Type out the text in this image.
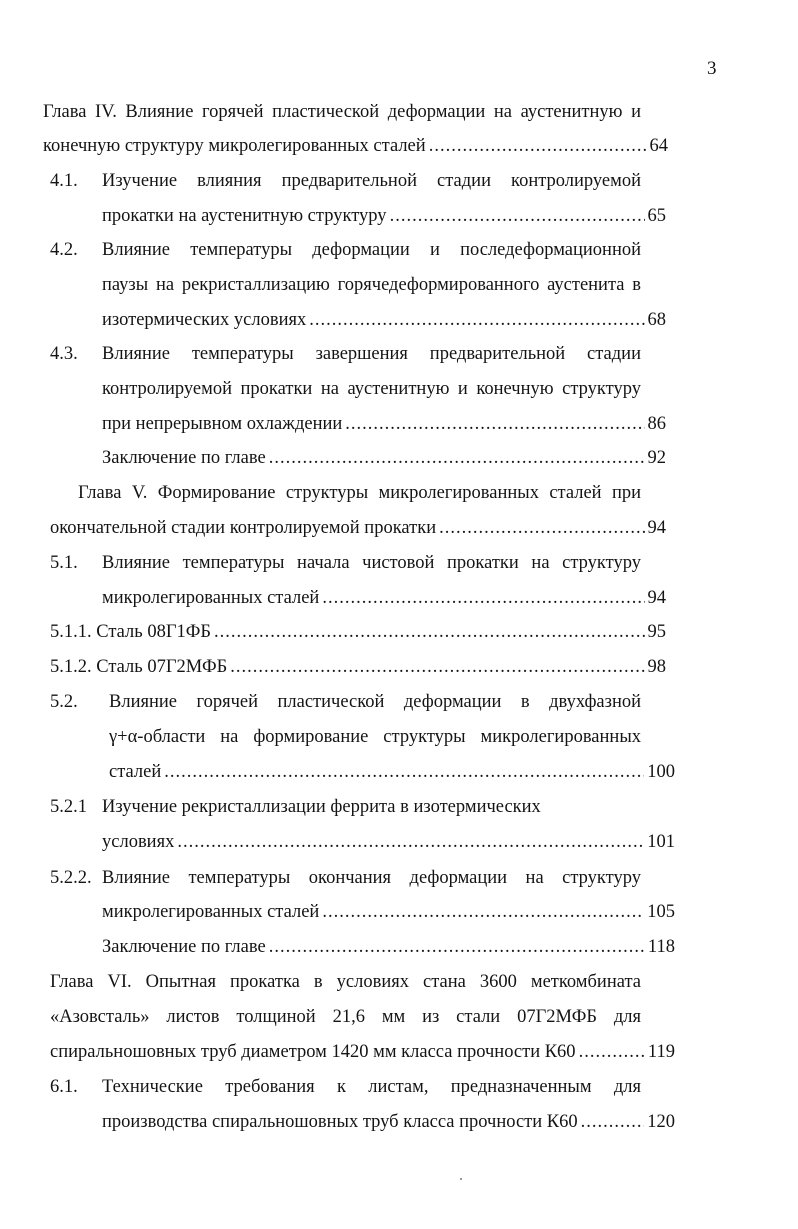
3
Глава IV. Влияние горячей пластической деформации на аустенитную и
конечную структуру микролегированных сталей .....	64
4.1. Изучение влияния предварительной стадии контролируемой
прокатки на аустенитную структуру .....	65
4.2. Влияние температуры деформации и последеформационной
паузы на рекристаллизацию горячедеформированного аустенита в
изотермических условиях .....	68
4.3. Влияние температуры завершения предварительной стадии
контролируемой прокатки на аустенитную и конечную структуру
при непрерывном охлаждении .....	86
Заключение по главе .....	92
Глава V. Формирование структуры микролегированных сталей при
окончательной стадии контролируемой прокатки .....	94
5.1. Влияние температуры начала чистовой прокатки на структуру
микролегированных сталей .....	94
5.1.1. Сталь 08Г1ФБ .....	95
5.1.2. Сталь 07Г2МФБ .....	98
5.2. Влияние горячей пластической деформации в двухфазной
γ+α-области на формирование структуры микролегированных
сталей .....	100
5.2.1 Изучение рекристаллизации феррита в изотермических
условиях .....	101
5.2.2. Влияние температуры окончания деформации на структуру
микролегированных сталей .....	105
Заключение по главе .....	118
Глава VI. Опытная прокатка в условиях стана 3600 меткомбината
«Азовсталь» листов толщиной 21,6 мм из стали 07Г2МФБ для
спиральношовных труб диаметром 1420 мм класса прочности К60 .....	119
6.1. Технические требования к листам, предназначенным для
производства спиральношовных труб класса прочности К60 .....	120
